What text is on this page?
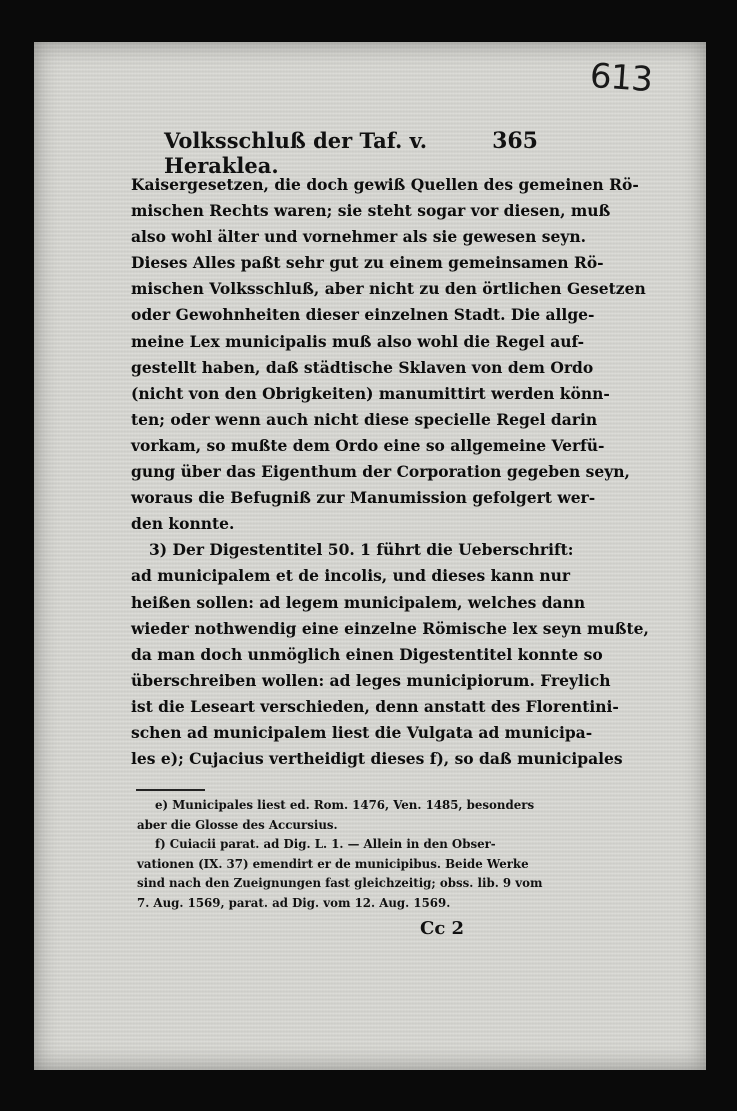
613
Volksschluß der Taf. v. Heraklea.
365
Kaisergesetzen, die doch gewiß Quellen des gemeinen Rö-
mischen Rechts waren; sie steht sogar vor diesen, muß
also wohl älter und vornehmer als sie gewesen seyn.
Dieses Alles paßt sehr gut zu einem gemeinsamen Rö-
mischen Volksschluß, aber nicht zu den örtlichen Gesetzen
oder Gewohnheiten dieser einzelnen Stadt. Die allge-
meine Lex municipalis muß also wohl die Regel auf-
gestellt haben, daß städtische Sklaven von dem Ordo
(nicht von den Obrigkeiten) manumittirt werden könn-
ten; oder wenn auch nicht diese specielle Regel darin
vorkam, so mußte dem Ordo eine so allgemeine Verfü-
gung über das Eigenthum der Corporation gegeben seyn,
woraus die Befugniß zur Manumission gefolgert wer-
den konnte.
3) Der Digestentitel 50. 1 führt die Ueberschrift:
ad municipalem et de incolis, und dieses kann nur
heißen sollen: ad legem municipalem, welches dann
wieder nothwendig eine einzelne Römische lex seyn mußte,
da man doch unmöglich einen Digestentitel konnte so
überschreiben wollen: ad leges municipiorum. Freylich
ist die Leseart verschieden, denn anstatt des Florentini-
schen ad municipalem liest die Vulgata ad municipa-
les e); Cujacius vertheidigt dieses f), so daß municipales
e) Municipales liest ed. Rom. 1476, Ven. 1485, besonders
aber die Glosse des Accursius.
f) Cuiacii parat. ad Dig. L. 1. — Allein in den Obser-
vationen (IX. 37) emendirt er de municipibus. Beide Werke
sind nach den Zueignungen fast gleichzeitig; obss. lib. 9 vom
7. Aug. 1569, parat. ad Dig. vom 12. Aug. 1569.
Cc 2
